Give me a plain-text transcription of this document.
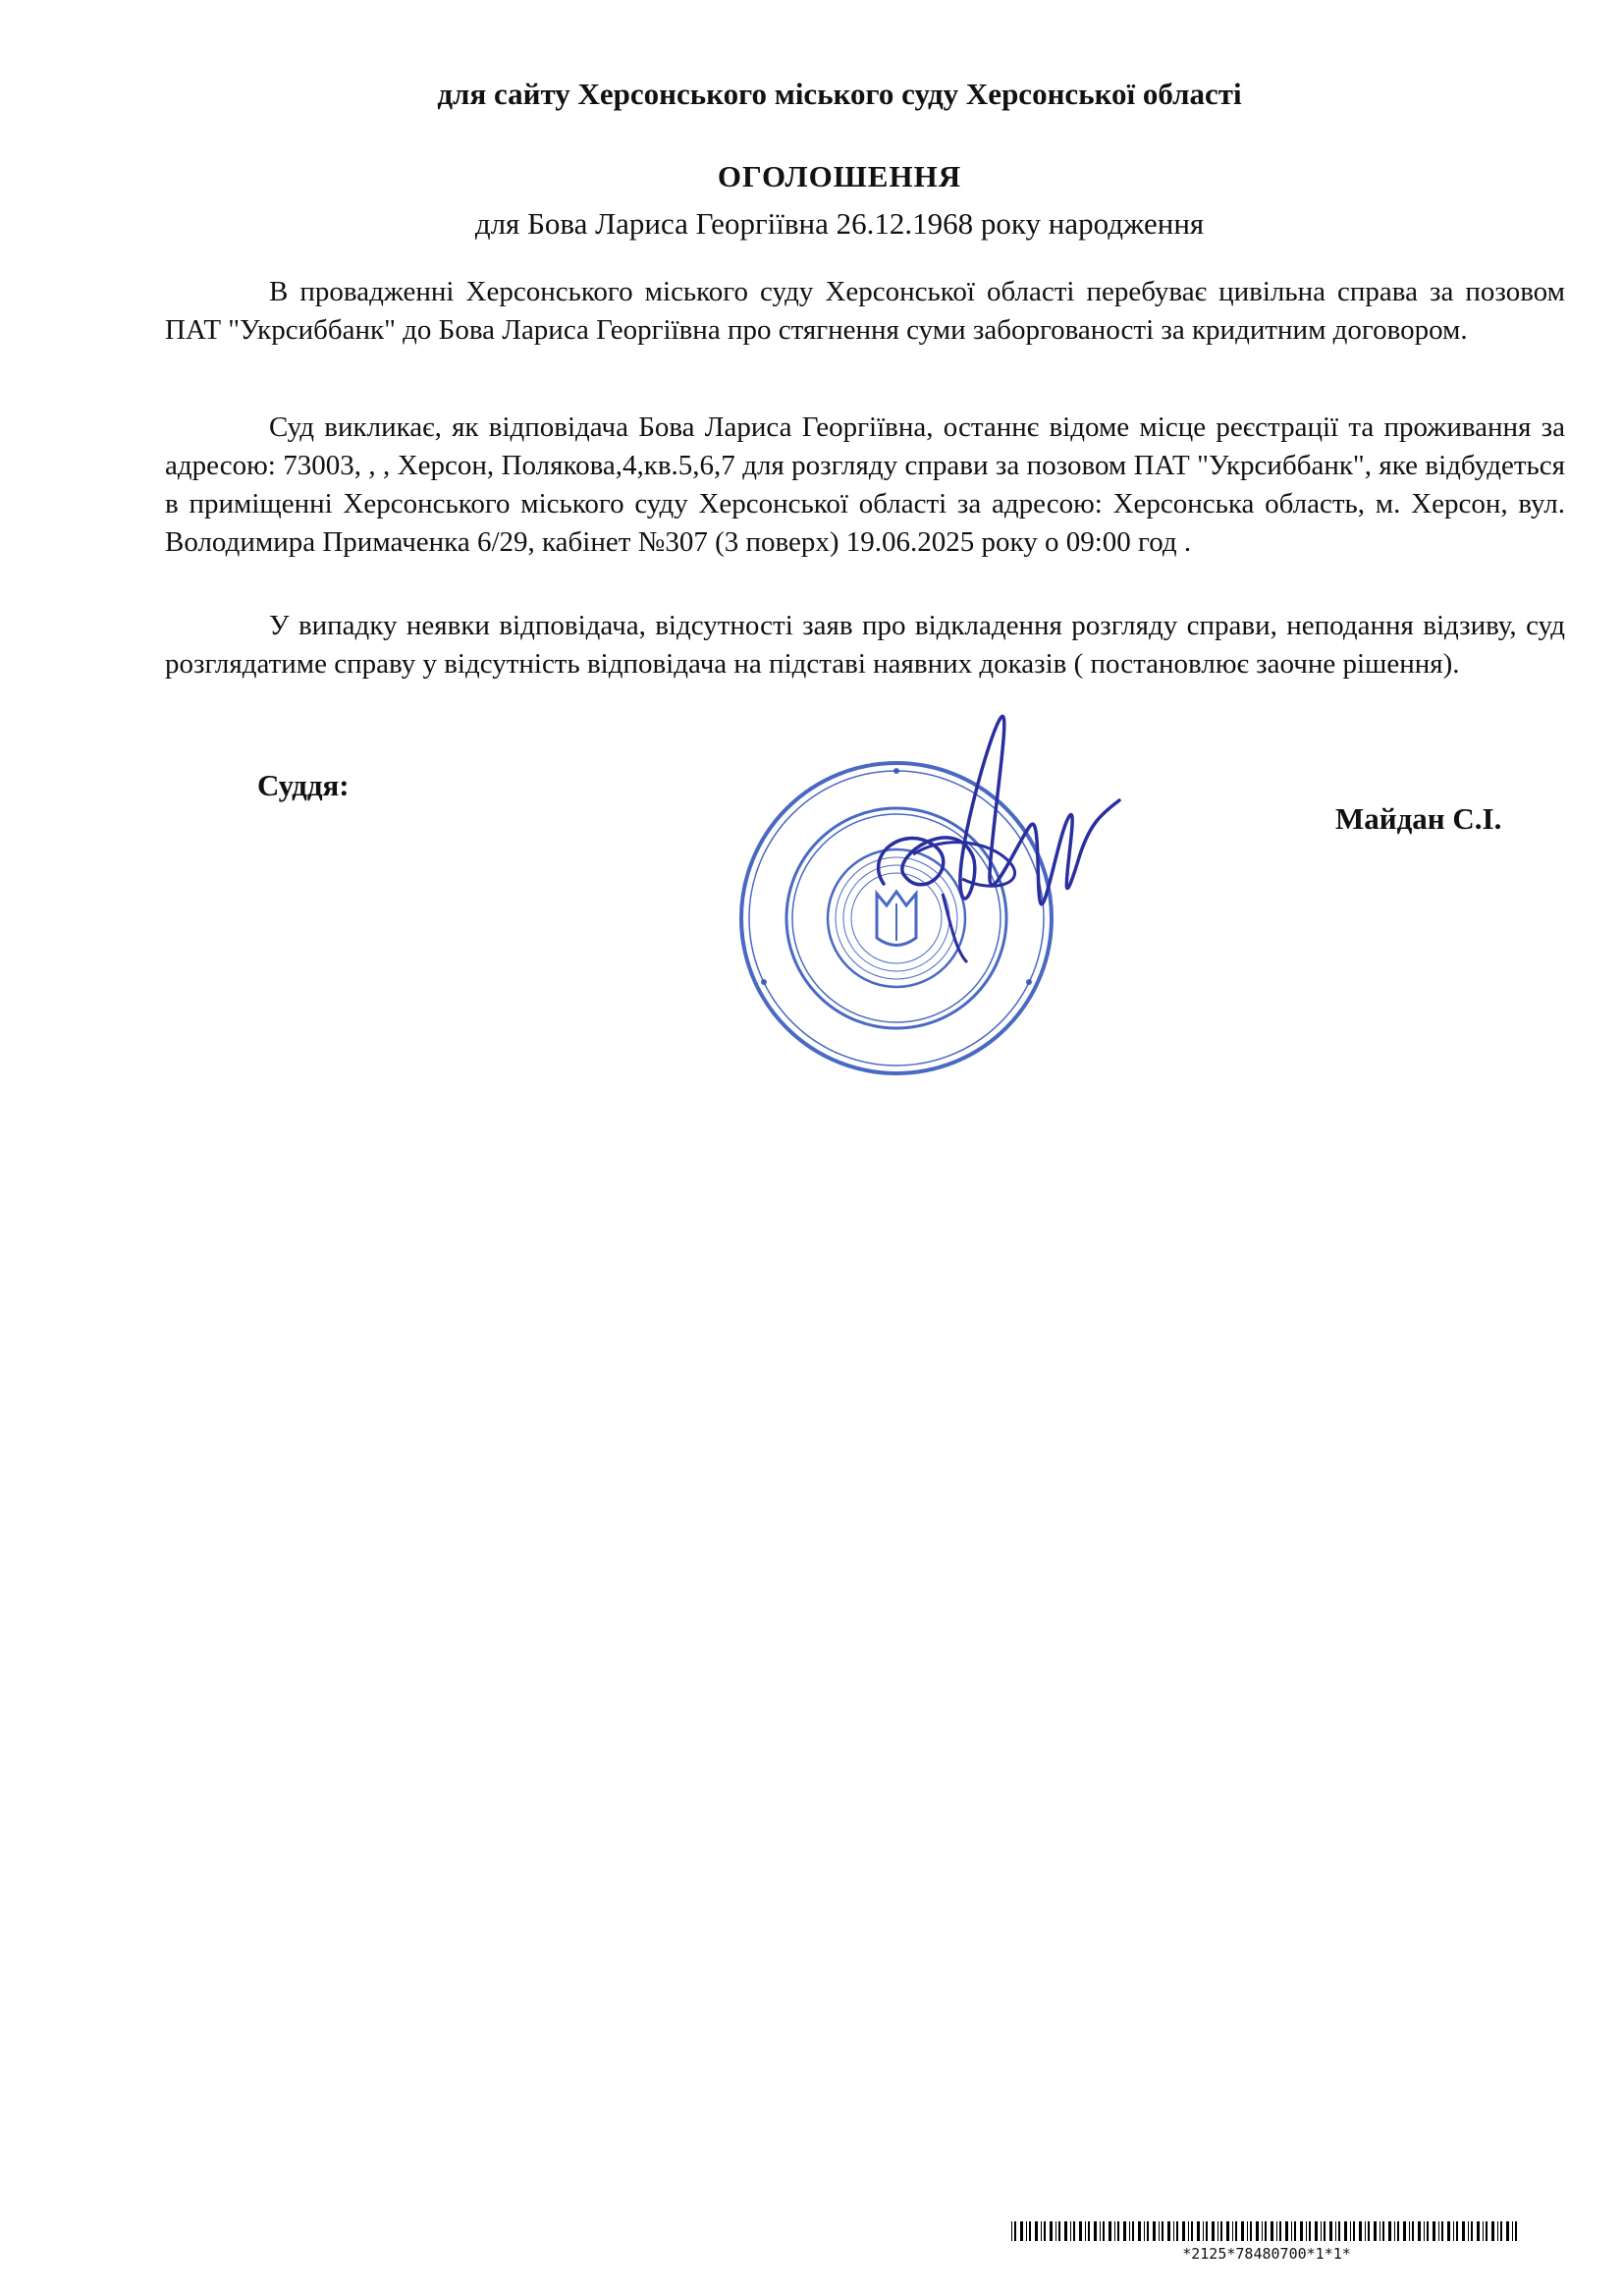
для сайту Херсонського міського суду Херсонської області
ОГОЛОШЕННЯ
для Бова Лариса Георгіївна 26.12.1968 року народження
В провадженні Херсонського міського суду Херсонської області перебуває цивільна справа за позовом ПАТ "Укрсиббанк" до Бова Лариса Георгіївна про стягнення суми заборгованості за кридитним договором.
Суд викликає, як відповідача Бова Лариса Георгіївна, останнє відоме місце реєстрації та проживання за адресою: 73003, , , Херсон, Полякова,4,кв.5,6,7 для розгляду справи за позовом ПАТ "Укрсиббанк", яке відбудеться в приміщенні Херсонського міського суду Херсонської області за адресою: Херсонська область, м. Херсон, вул. Володимира Примаченка 6/29, кабінет №307 (3 поверх) 19.06.2025 року о 09:00 год .
У випадку неявки відповідача, відсутності заяв про відкладення розгляду справи, неподання відзиву, суд розглядатиме справу у відсутність відповідача на підставі наявних доказів ( постановлює заочне рішення).
Суддя:
Майдан С.І.
*2125*78480700*1*1*
